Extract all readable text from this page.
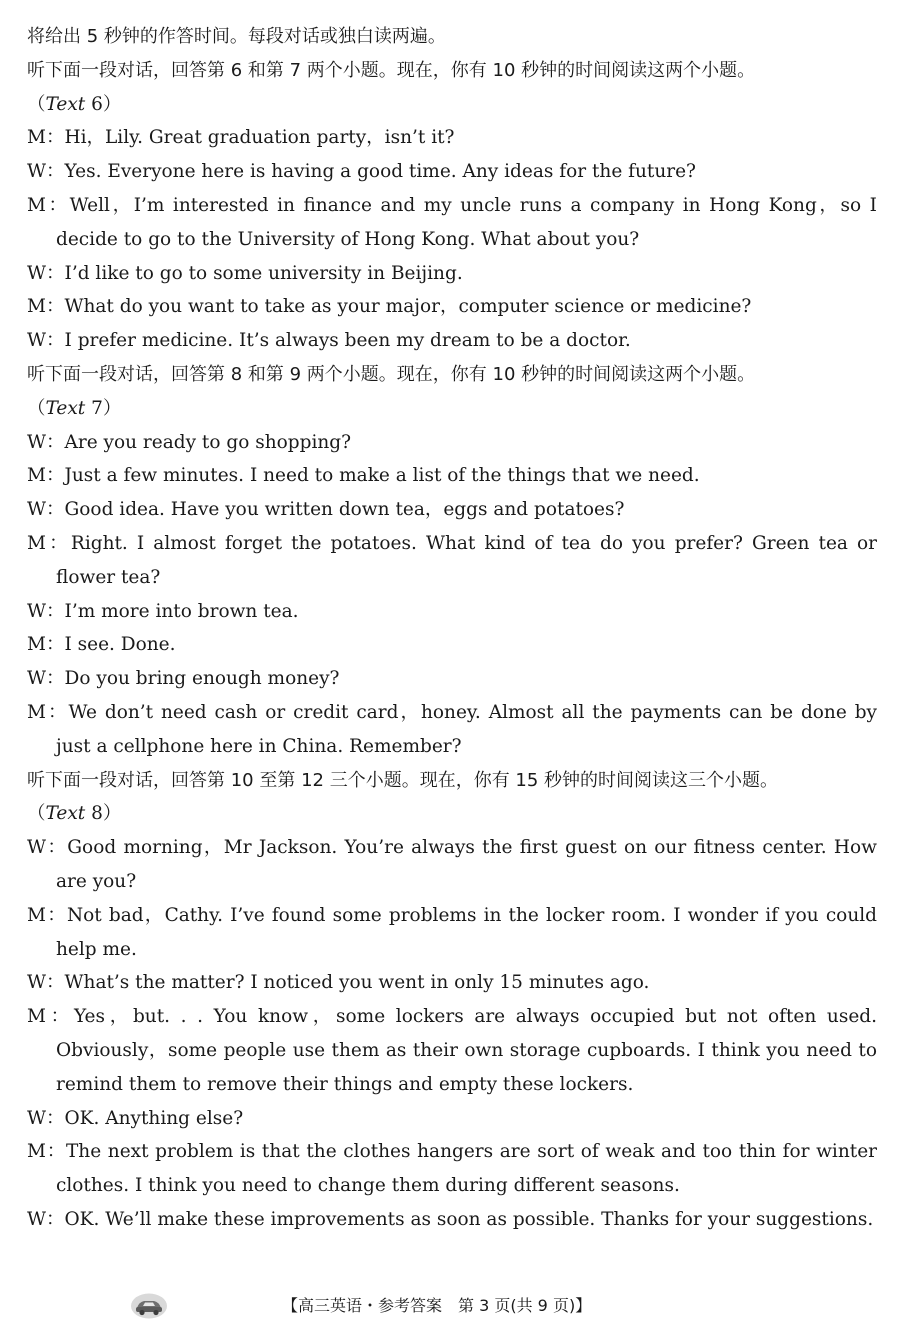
将给出 5 秒钟的作答时间。每段对话或独白读两遍。
听下面一段对话，回答第 6 和第 7 两个小题。现在，你有 10 秒钟的时间阅读这两个小题。
（Text 6）
M：Hi，Lily. Great graduation party，isn’t it?
W：Yes. Everyone here is having a good time. Any ideas for the future?
M：Well，I’m interested in finance and my uncle runs a company in Hong Kong，so I decide to go to the University of Hong Kong. What about you?
W：I’d like to go to some university in Beijing.
M：What do you want to take as your major，computer science or medicine?
W：I prefer medicine. It’s always been my dream to be a doctor.
听下面一段对话，回答第 8 和第 9 两个小题。现在，你有 10 秒钟的时间阅读这两个小题。
（Text 7）
W：Are you ready to go shopping?
M：Just a few minutes. I need to make a list of the things that we need.
W：Good idea. Have you written down tea，eggs and potatoes?
M：Right. I almost forget the potatoes. What kind of tea do you prefer? Green tea or flower tea?
W：I’m more into brown tea.
M：I see. Done.
W：Do you bring enough money?
M：We don’t need cash or credit card，honey. Almost all the payments can be done by just a cellphone here in China. Remember?
听下面一段对话，回答第 10 至第 12 三个小题。现在，你有 15 秒钟的时间阅读这三个小题。
（Text 8）
W：Good morning，Mr Jackson. You’re always the first guest on our fitness center. How are you?
M：Not bad，Cathy. I’ve found some problems in the locker room. I wonder if you could help me.
W：What’s the matter? I noticed you went in only 15 minutes ago.
M：Yes，but. . . You know，some lockers are always occupied but not often used. Obviously，some people use them as their own storage cupboards. I think you need to remind them to remove their things and empty these lockers.
W：OK. Anything else?
M：The next problem is that the clothes hangers are sort of weak and too thin for winter clothes. I think you need to change them during different seasons.
W：OK. We’ll make these improvements as soon as possible. Thanks for your suggestions.
【高三英语・参考答案　第 3 页(共 9 页)】
